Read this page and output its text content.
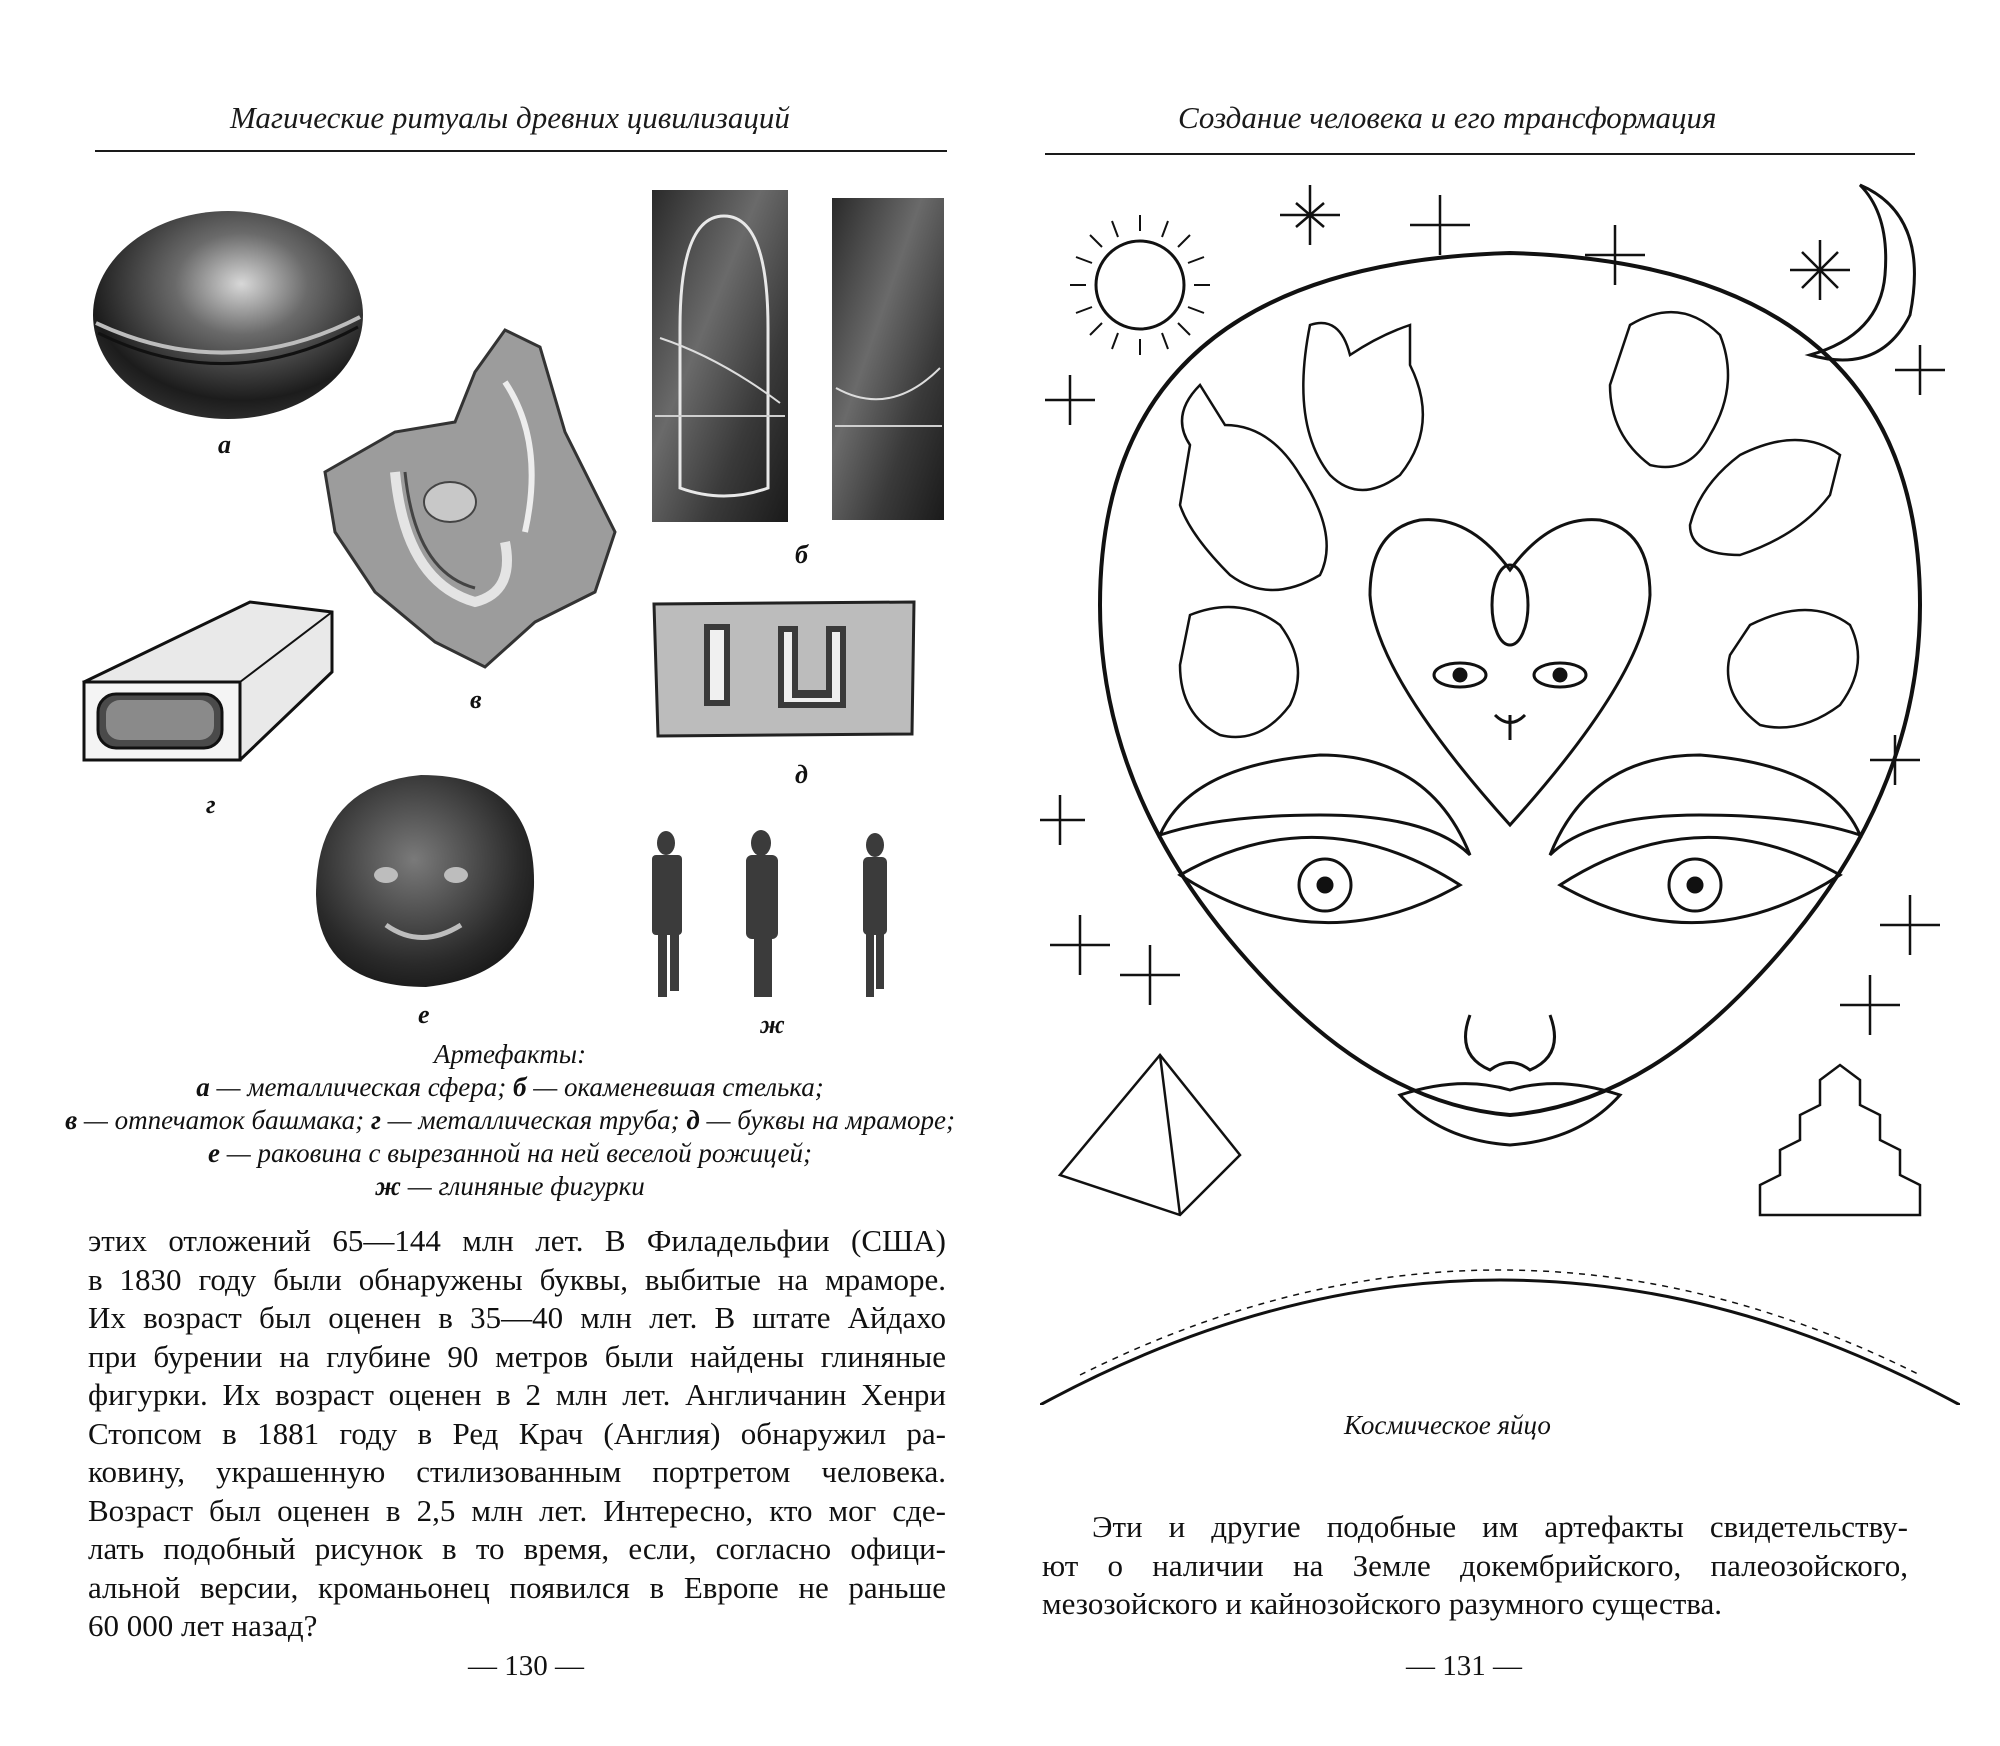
Магические ритуалы древних цивилизаций
а
б
в
г
д
е	ж
Артефакты:
а — металлическая сфера; б — окаменевшая стелька;
в — отпечаток башмака; г — металлическая труба; д — буквы на мраморе; е — раковина с вырезанной на ней веселой рожицей;
ж — глиняные фигурки
этих отложений 65—144 млн лет. В Филадельфии (США)
в 1830 году были обнаружены буквы, выбитые на мраморе.
Их возраст был оценен в 35—40 млн лет. В штате Айдахо
при бурении на глубине 90 метров были найдены глиняные
фигурки. Их возраст оценен в 2 млн лет. Англичанин Хенри
Стопсом в 1881 году в Ред Крач (Англия) обнаружил ра-
ковину, украшенную стилизованным портретом человека.
Возраст был оценен в 2,5 млн лет. Интересно, кто мог сде-
лать подобный рисунок в то время, если, согласно офици-
альной версии, кроманьонец появился в Европе не раньше
60 000 лет назад?
— 130 —
Создание человека и его трансформация
Космическое яйцо
Эти и другие подобные им артефакты свидетельству-
ют о наличии на Земле докембрийского, палеозойского,
мезозойского и кайнозойского разумного существа.
— 131 —
